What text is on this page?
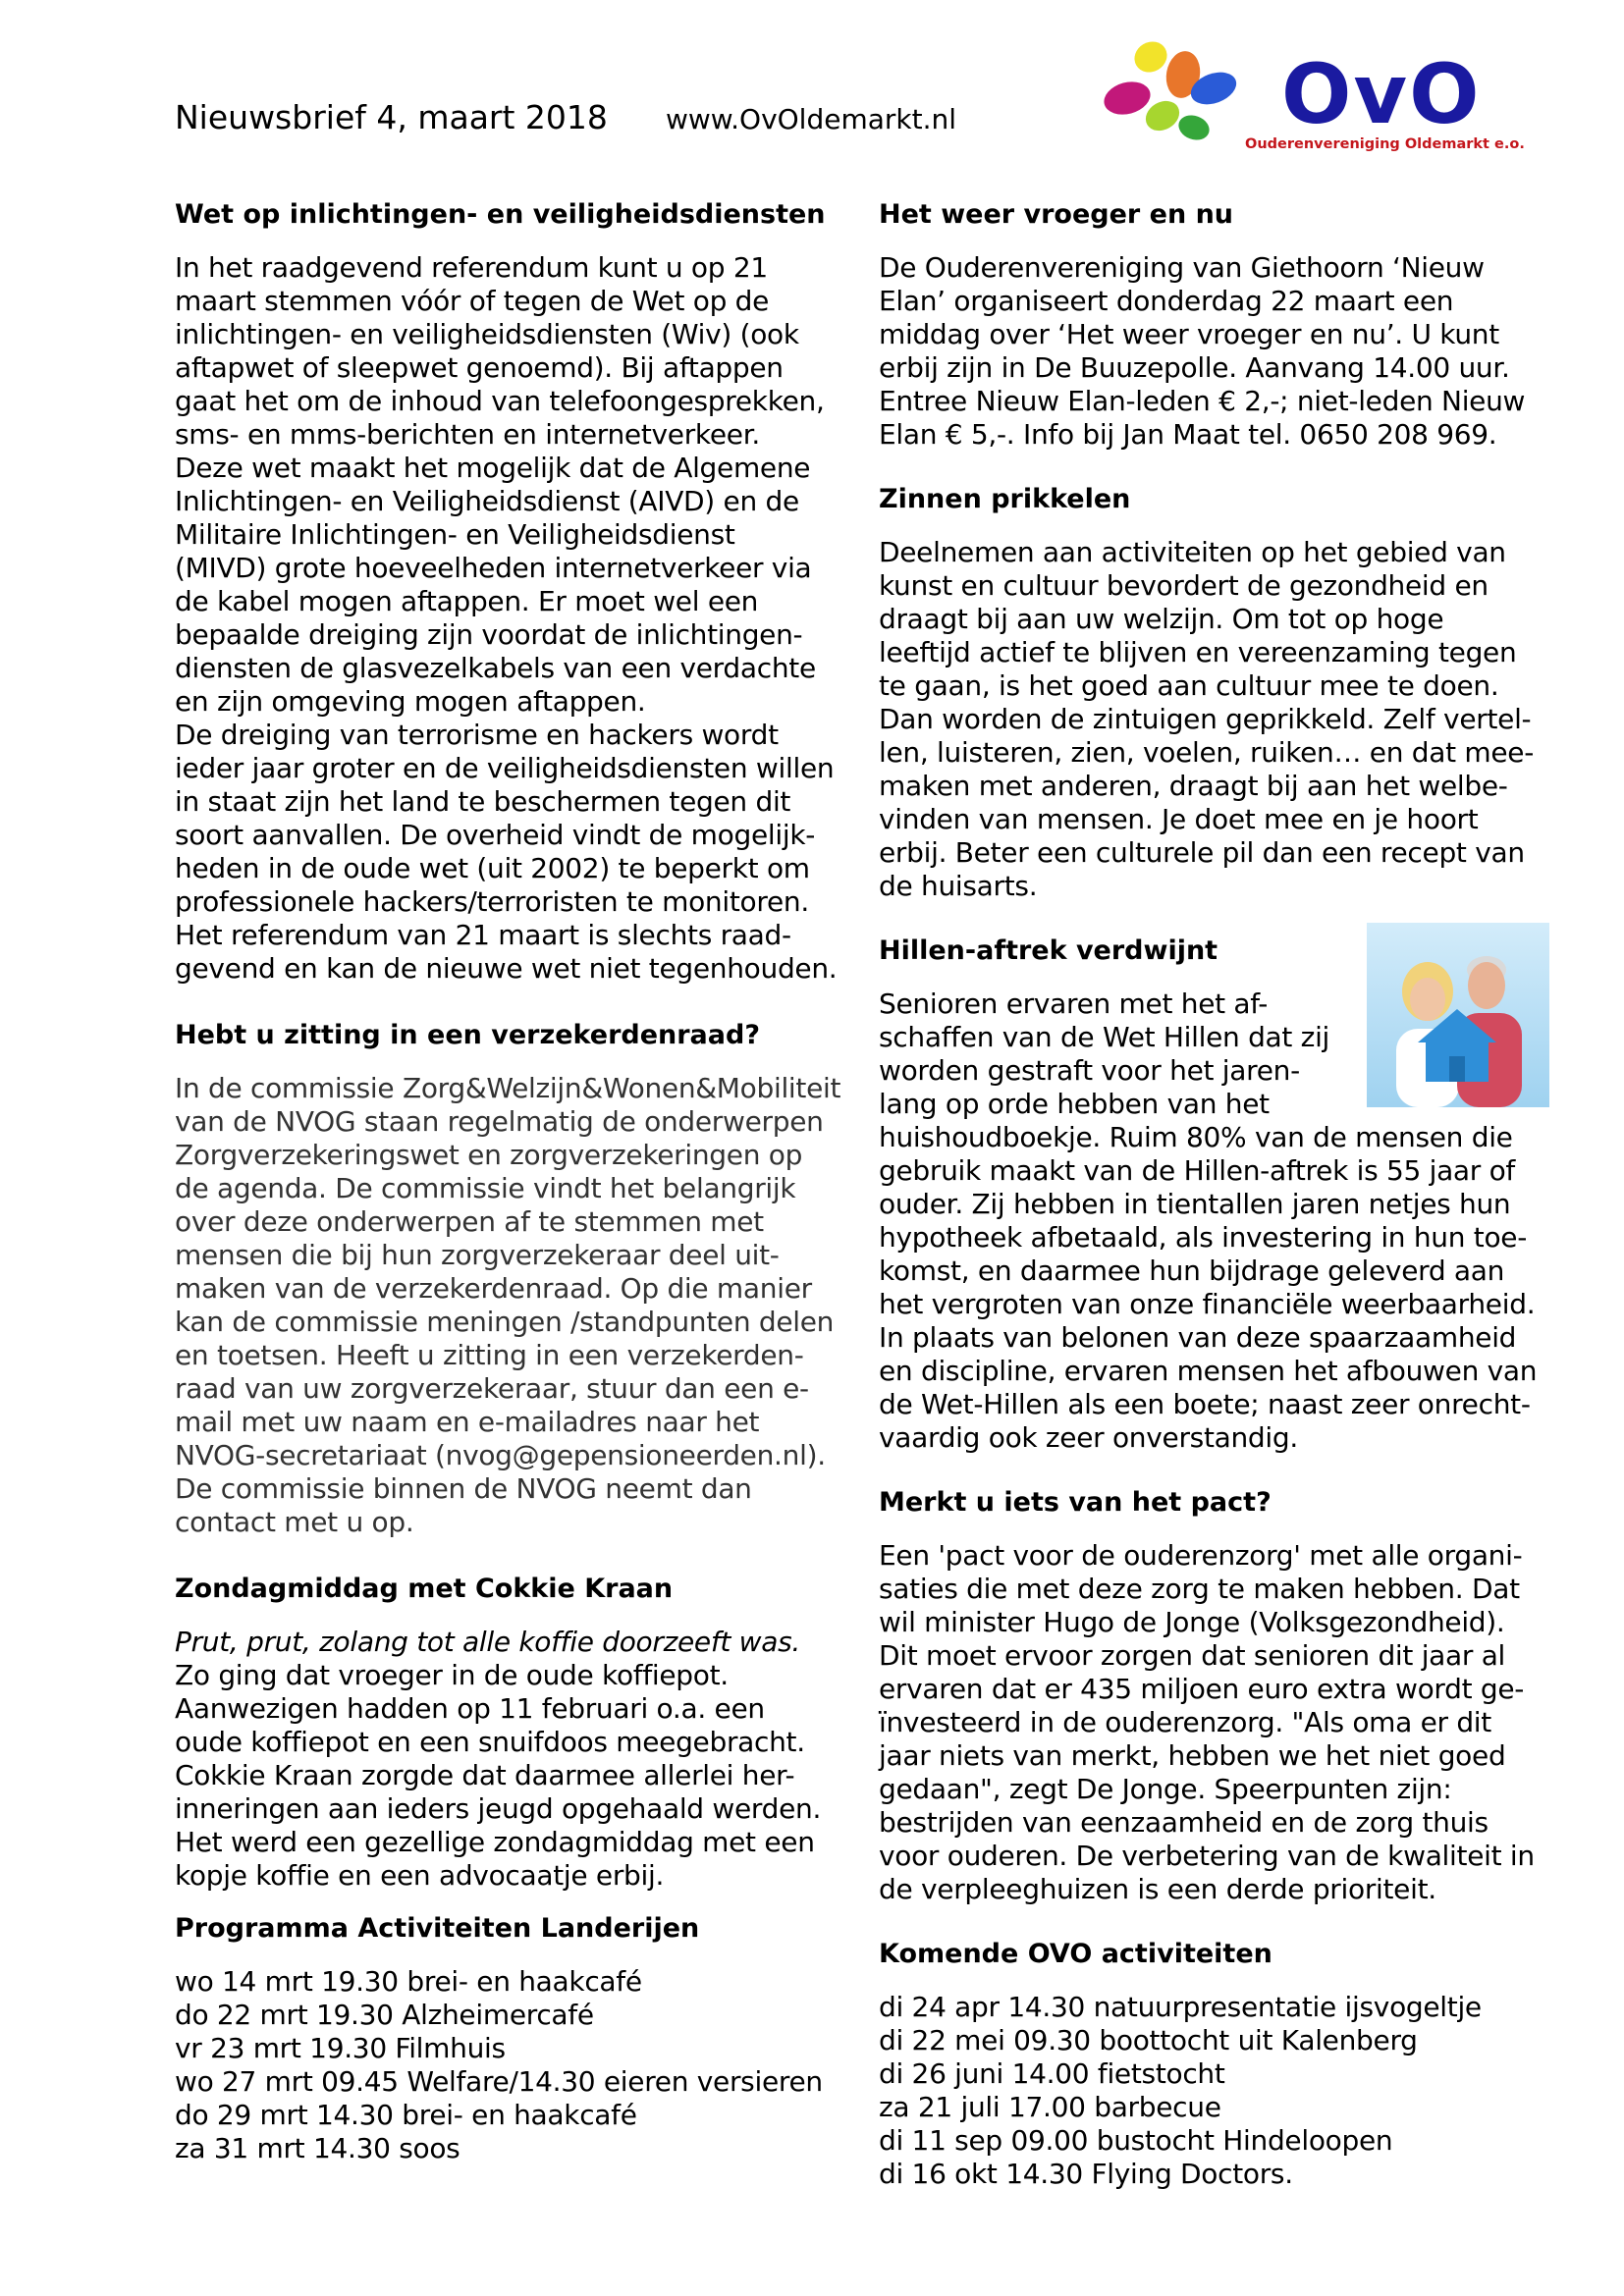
Nieuwsbrief 4, maart 2018 www.OvOldemarkt.nl	OvO
Ouderenvereniging Oldemarkt e.o.
Wet op inlichtingen- en veiligheidsdiensten

In het raadgevend referendum kunt u op 21
maart stemmen vóór of tegen de Wet op de
inlichtingen- en veiligheidsdiensten (Wiv) (ook
aftapwet of sleepwet genoemd). Bij aftappen
gaat het om de inhoud van telefoongesprekken,
sms- en mms-berichten en internetverkeer.
Deze wet maakt het mogelijk dat de Algemene
Inlichtingen- en Veiligheidsdienst (AIVD) en de
Militaire Inlichtingen- en Veiligheidsdienst
(MIVD) grote hoeveelheden internetverkeer via
de kabel mogen aftappen. Er moet wel een
bepaalde dreiging zijn voordat de inlichtingen-
diensten de glasvezelkabels van een verdachte
en zijn omgeving mogen aftappen.

De dreiging van terrorisme en hackers wordt
ieder jaar groter en de veiligheidsdiensten willen
in staat zijn het land te beschermen tegen dit
soort aanvallen. De overheid vindt de mogelijk-
heden in de oude wet (uit 2002) te beperkt om
professionele hackers/terroristen te monitoren.
Het referendum van 21 maart is slechts raad-
gevend en kan de nieuwe wet niet tegenhouden.

Hebt u zitting in een verzekerdenraad?

In de commissie Zorg&Welzijn&Wonen&Mobiliteit
van de NVOG staan regelmatig de onderwerpen
Zorgverzekeringswet en zorgverzekeringen op
de agenda. De commissie vindt het belangrijk
over deze onderwerpen af te stemmen met
mensen die bij hun zorgverzekeraar deel uit-
maken van de verzekerdenraad. Op die manier
kan de commissie meningen /standpunten delen
en toetsen. Heeft u zitting in een verzekerden-
raad van uw zorgverzekeraar, stuur dan een e-
mail met uw naam en e-mailadres naar het
NVOG-secretariaat (nvog@gepensioneerden.nl).
De commissie binnen de NVOG neemt dan
contact met u op.

Zondagmiddag met Cokkie Kraan

Prut, prut, zolang tot alle koffie doorzeeft was.
Zo ging dat vroeger in de oude koffiepot.
Aanwezigen hadden op 11 februari o.a. een
oude koffiepot en een snuifdoos meegebracht.
Cokkie Kraan zorgde dat daarmee allerlei her-
inneringen aan ieders jeugd opgehaald werden.
Het werd een gezellige zondagmiddag met een
kopje koffie en een advocaatje erbij.

Programma Activiteiten Landerijen

wo 14 mrt 19.30 brei- en haakcafé
do 22 mrt 19.30 Alzheimercafé
vr 23 mrt 19.30 Filmhuis
wo 27 mrt 09.45 Welfare/14.30 eieren versieren
do 29 mrt 14.30 brei- en haakcafé
za 31 mrt 14.30 soos

Het weer vroeger en nu

De Ouderenvereniging van Giethoorn ‘Nieuw
Elan’ organiseert donderdag 22 maart een
middag over ‘Het weer vroeger en nu’. U kunt
erbij zijn in De Buuzepolle. Aanvang 14.00 uur.
Entree Nieuw Elan-leden € 2,-; niet-leden Nieuw
Elan € 5,-. Info bij Jan Maat tel. 0650 208 969.

Zinnen prikkelen

Deelnemen aan activiteiten op het gebied van
kunst en cultuur bevordert de gezondheid en
draagt bij aan uw welzijn. Om tot op hoge
leeftijd actief te blijven en vereenzaming tegen
te gaan, is het goed aan cultuur mee te doen.
Dan worden de zintuigen geprikkeld. Zelf vertel-
len, luisteren, zien, voelen, ruiken… en dat mee-
maken met anderen, draagt bij aan het welbe-
vinden van mensen. Je doet mee en je hoort
erbij. Beter een culturele pil dan een recept van
de huisarts.

Hillen-aftrek verdwijnt

Senioren ervaren met het af-
schaffen van de Wet Hillen dat zij
worden gestraft voor het jaren-
lang op orde hebben van het
huishoudboekje. Ruim 80% van de mensen die
gebruik maakt van de Hillen-aftrek is 55 jaar of
ouder. Zij hebben in tientallen jaren netjes hun
hypotheek afbetaald, als investering in hun toe-
komst, en daarmee hun bijdrage geleverd aan
het vergroten van onze financiële weerbaarheid.
In plaats van belonen van deze spaarzaamheid
en discipline, ervaren mensen het afbouwen van
de Wet-Hillen als een boete; naast zeer onrecht-
vaardig ook zeer onverstandig.

Merkt u iets van het pact?

Een 'pact voor de ouderenzorg' met alle organi-
saties die met deze zorg te maken hebben. Dat
wil minister Hugo de Jonge (Volksgezondheid).
Dit moet ervoor zorgen dat senioren dit jaar al
ervaren dat er 435 miljoen euro extra wordt ge-
ïnvesteerd in de ouderenzorg. "Als oma er dit
jaar niets van merkt, hebben we het niet goed
gedaan", zegt De Jonge. Speerpunten zijn:
bestrijden van eenzaamheid en de zorg thuis
voor ouderen. De verbetering van de kwaliteit in
de verpleeghuizen is een derde prioriteit.

Komende OVO activiteiten

di 24 apr 14.30 natuurpresentatie ijsvogeltje
di 22 mei 09.30 boottocht uit Kalenberg
di 26 juni 14.00 fietstocht
za 21 juli 17.00 barbecue
di 11 sep 09.00 bustocht Hindeloopen
di 16 okt 14.30 Flying Doctors.
